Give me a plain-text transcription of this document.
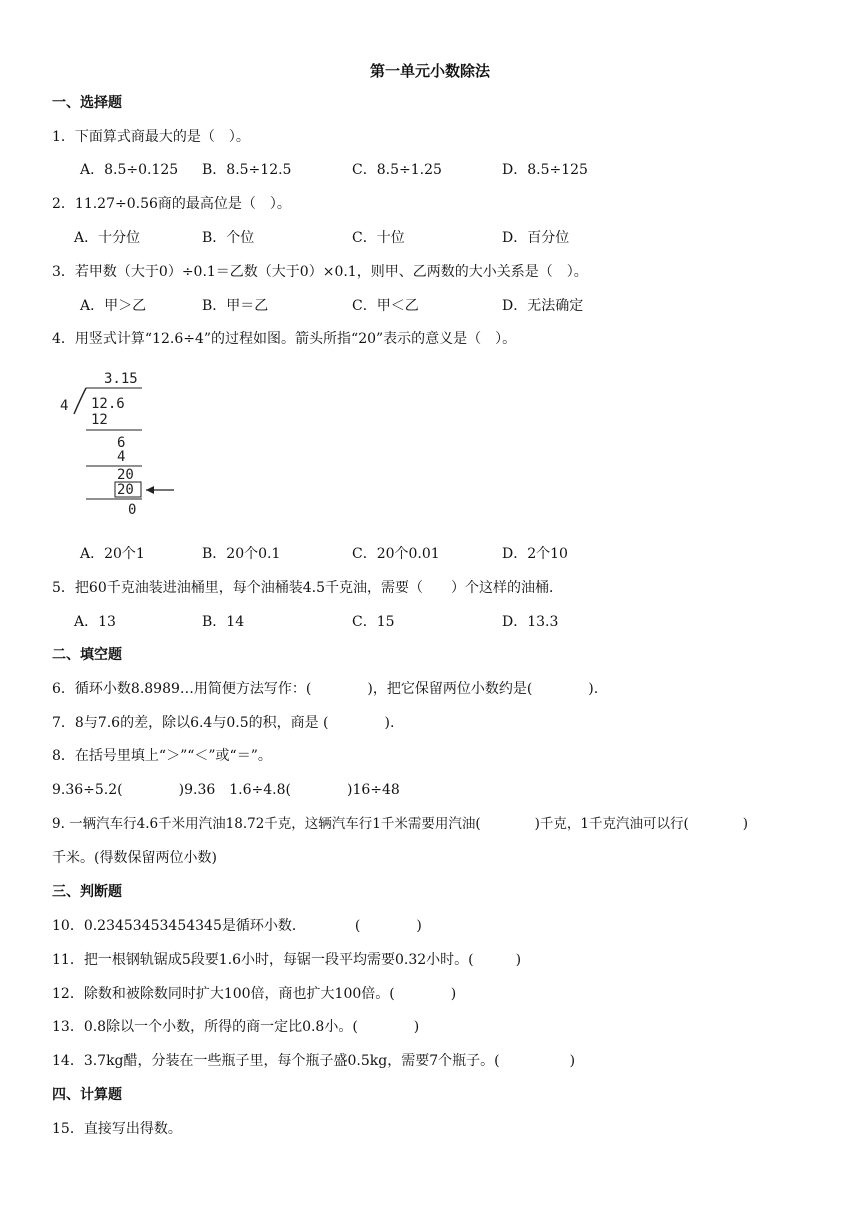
第一单元小数除法
一、选择题
1．下面算式商最大的是（　）。
A．8.5÷0.125 B．8.5÷12.5	C．8.5÷1.25	D．8.5÷125
2．11.27÷0.56商的最高位是（　）。
A．十分位	B．个位	C．十位	D．百分位
3．若甲数（大于0）÷0.1＝乙数（大于0）×0.1，则甲、乙两数的大小关系是（　）。
A．甲＞乙	B．甲＝乙	C．甲＜乙	D．无法确定
4．用竖式计算“12.6÷4”的过程如图。箭头所指“20”表示的意义是（　）。
3.15
4 12.6
12
6
4
20
20
0
A．20个1	B．20个0.1	C．20个0.01	D．2个10
5．把60千克油装进油桶里，每个油桶装4.5千克油，需要（　　）个这样的油桶．
A．13	B．14	C．15	D．13.3
二、填空题
6．循环小数8.8989…用简便方法写作：(　　　　)，把它保留两位小数约是(　　　　).
7．8与7.6的差，除以6.4与0.5的积，商是 (　　　　).
8．在括号里填上“＞”“＜”或“＝”。
9.36÷5.2(　　　　)9.36　1.6÷4.8(　　　　)16÷48
9. 一辆汽车行4.6千米用汽油18.72千克，这辆汽车行1千米需要用汽油(　　　　)千克，1千克汽油可以行(　　　　)
千米。(得数保留两位小数)
三、判断题
10．0.23453453454345是循环小数．　　　　(　　　　)
11．把一根钢轨锯成5段要1.6小时，每锯一段平均需要0.32小时。(　　　)
12．除数和被除数同时扩大100倍，商也扩大100倍。(　　　　)
13．0.8除以一个小数，所得的商一定比0.8小。(　　　　)
14．3.7kg醋，分装在一些瓶子里，每个瓶子盛0.5kg，需要7个瓶子。(　　　　　)
四、计算题
15．直接写出得数。
